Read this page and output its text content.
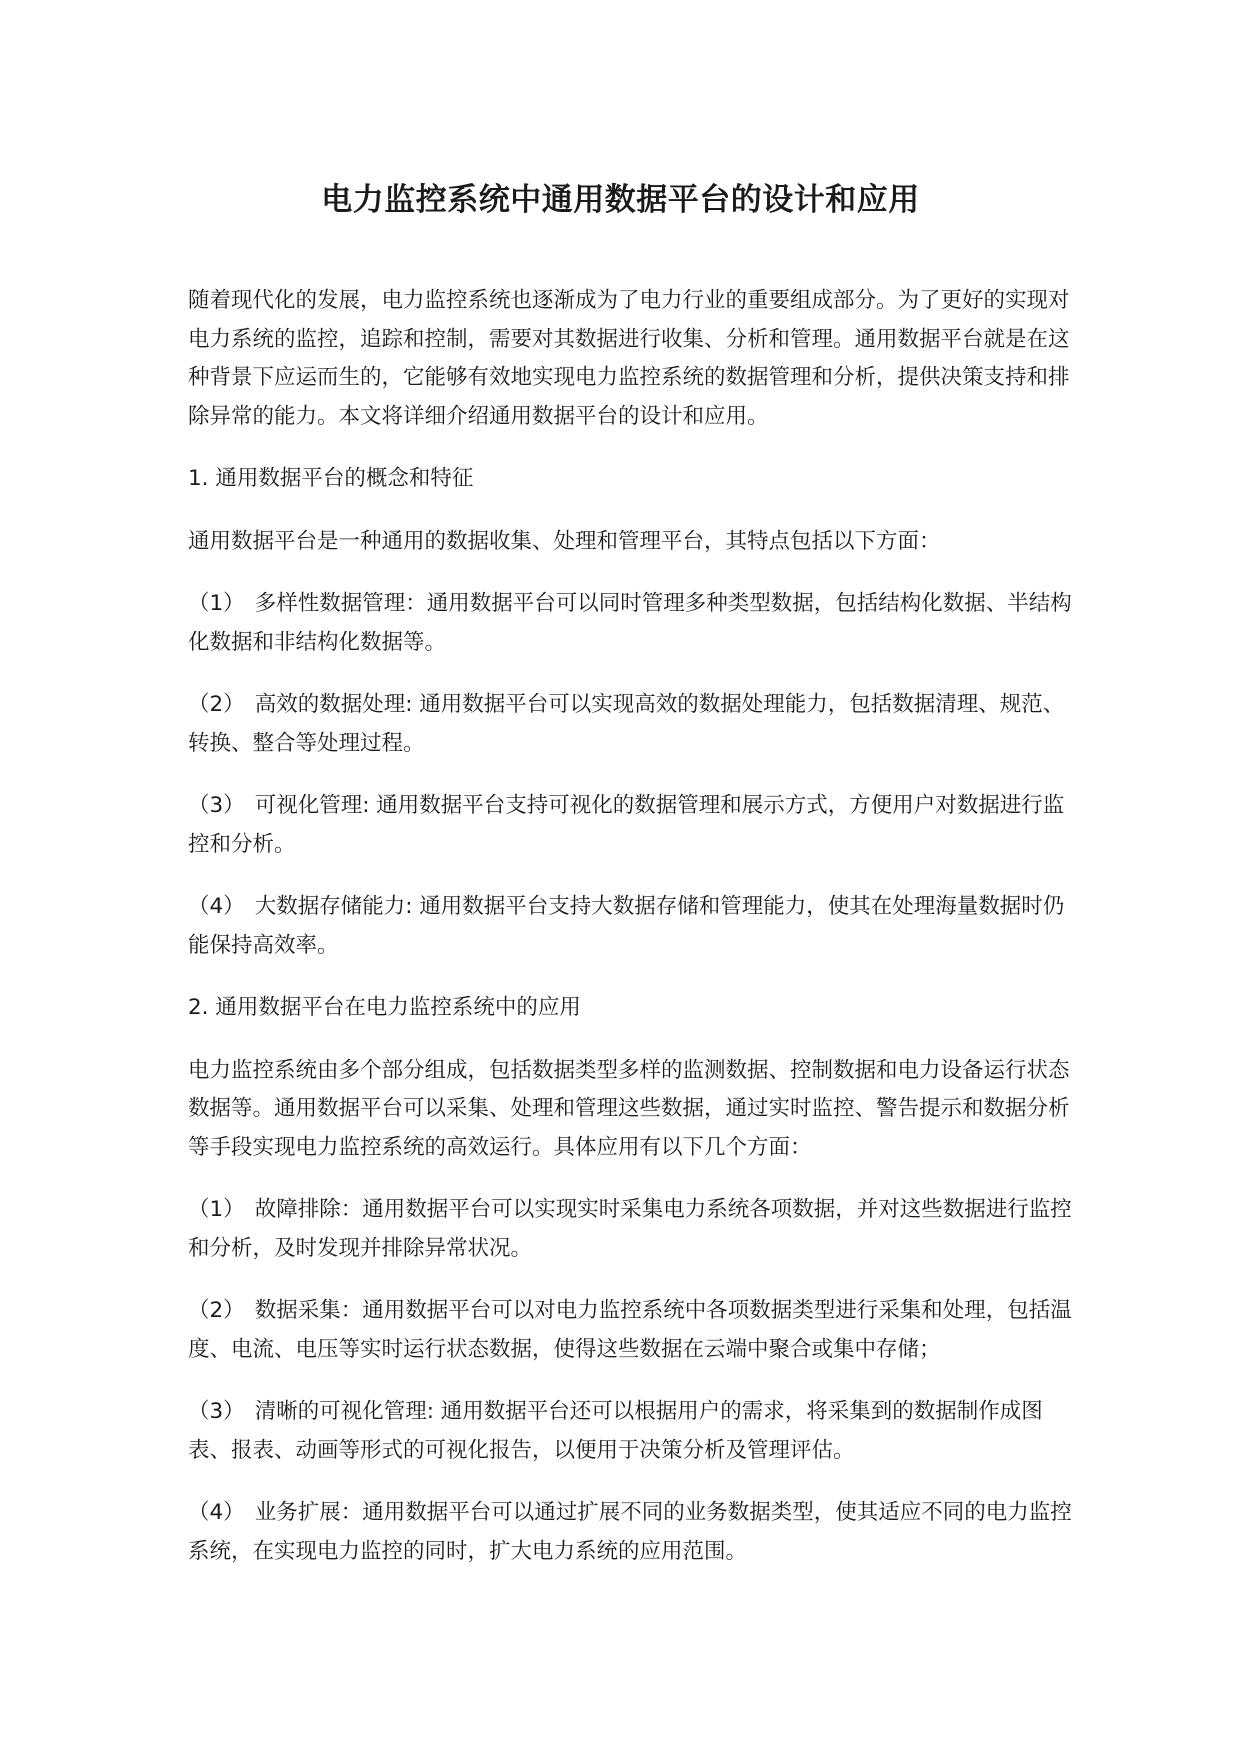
电力监控系统中通用数据平台的设计和应用

随着现代化的发展，电力监控系统也逐渐成为了电力行业的重要组成部分。为了更好的实现对电力系统的监控，追踪和控制，需要对其数据进行收集、分析和管理。通用数据平台就是在这种背景下应运而生的，它能够有效地实现电力监控系统的数据管理和分析，提供决策支持和排除异常的能力。本文将详细介绍通用数据平台的设计和应用。

1. 通用数据平台的概念和特征

通用数据平台是一种通用的数据收集、处理和管理平台，其特点包括以下方面：

（1） 多样性数据管理：通用数据平台可以同时管理多种类型数据，包括结构化数据、半结构化数据和非结构化数据等。

（2） 高效的数据处理: 通用数据平台可以实现高效的数据处理能力，包括数据清理、规范、转换、整合等处理过程。

（3） 可视化管理: 通用数据平台支持可视化的数据管理和展示方式，方便用户对数据进行监控和分析。

（4） 大数据存储能力: 通用数据平台支持大数据存储和管理能力，使其在处理海量数据时仍能保持高效率。

2. 通用数据平台在电力监控系统中的应用

电力监控系统由多个部分组成，包括数据类型多样的监测数据、控制数据和电力设备运行状态数据等。通用数据平台可以采集、处理和管理这些数据，通过实时监控、警告提示和数据分析等手段实现电力监控系统的高效运行。具体应用有以下几个方面：

（1） 故障排除：通用数据平台可以实现实时采集电力系统各项数据，并对这些数据进行监控和分析，及时发现并排除异常状况。

（2） 数据采集：通用数据平台可以对电力监控系统中各项数据类型进行采集和处理，包括温度、电流、电压等实时运行状态数据，使得这些数据在云端中聚合或集中存储；

（3） 清晰的可视化管理: 通用数据平台还可以根据用户的需求，将采集到的数据制作成图表、报表、动画等形式的可视化报告，以便用于决策分析及管理评估。

（4） 业务扩展：通用数据平台可以通过扩展不同的业务数据类型，使其适应不同的电力监控系统，在实现电力监控的同时，扩大电力系统的应用范围。
